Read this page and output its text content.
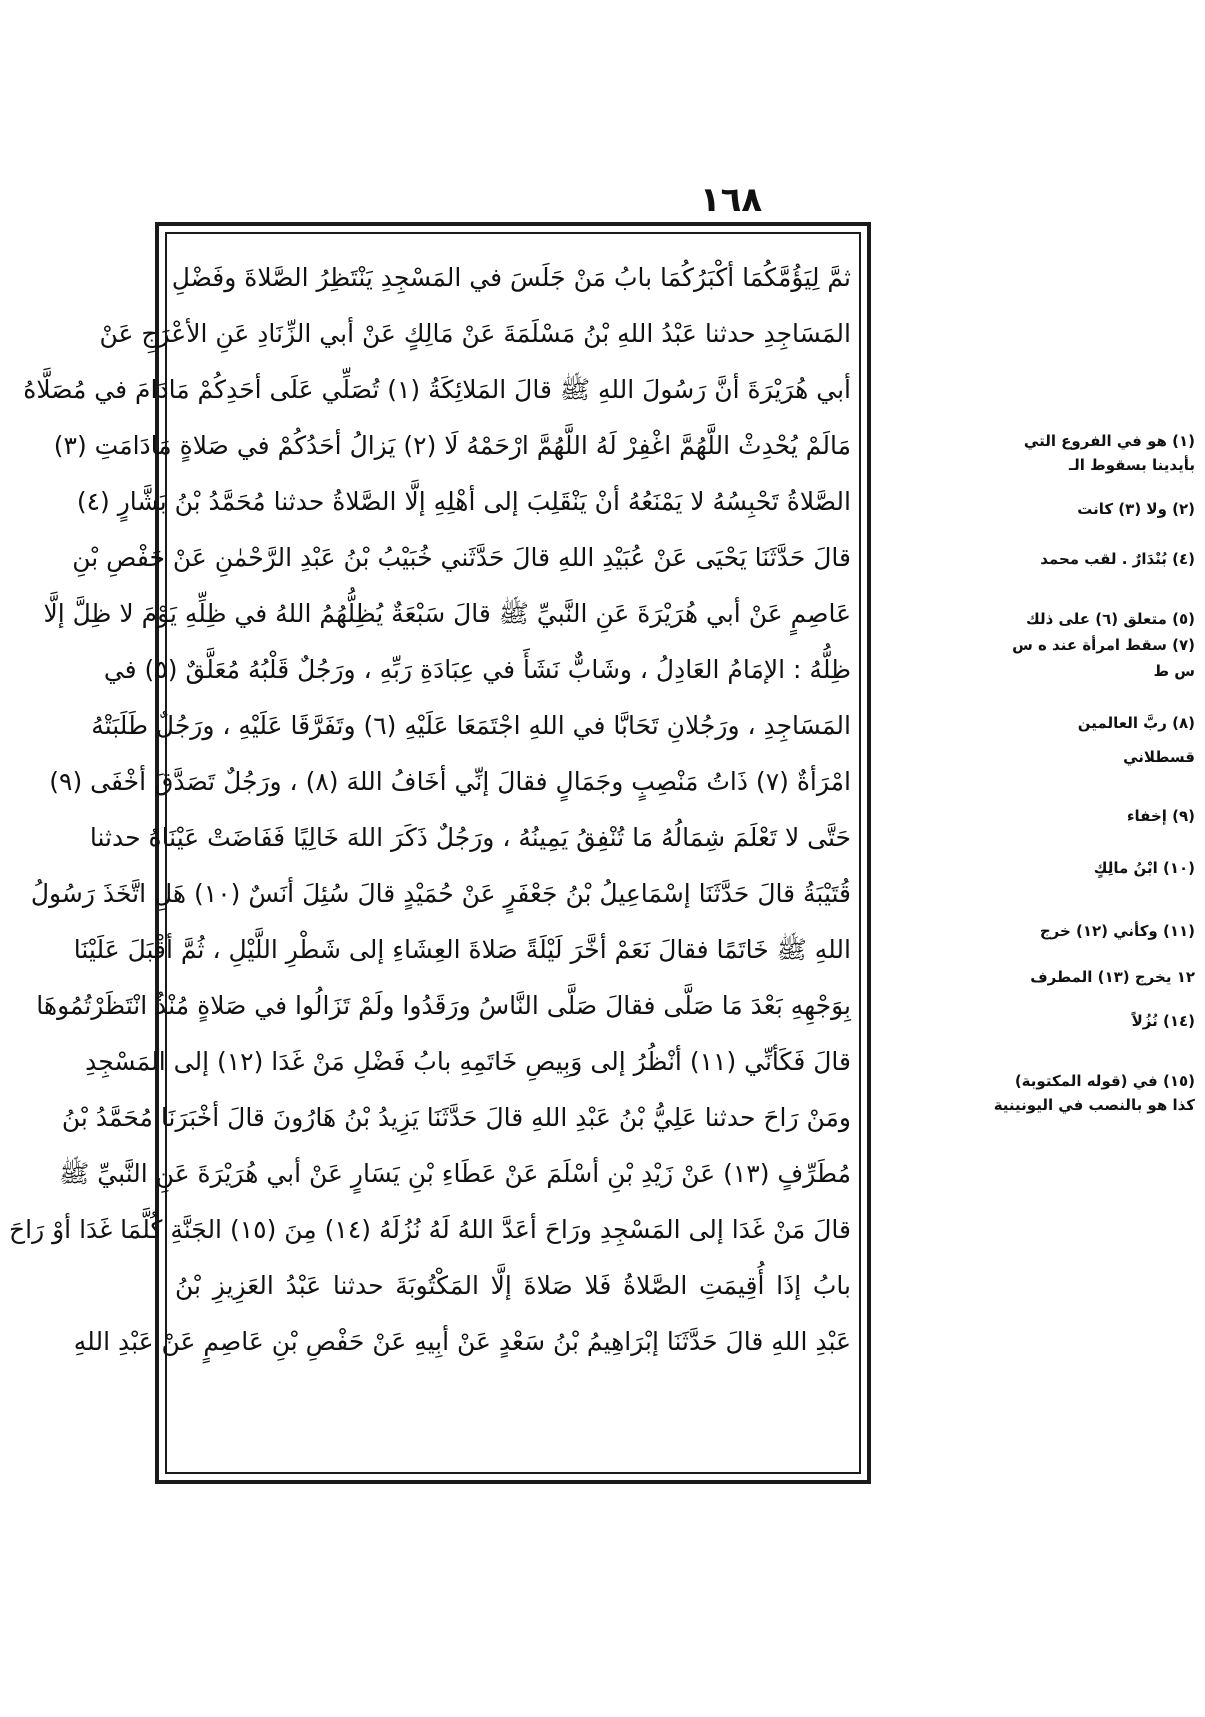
١٦٨
ثمَّ لِيَؤُمَّكُمَا أكْبَرُكُمَا بابُ مَنْ جَلَسَ في المَسْجِدِ يَنْتَظِرُ الصَّلاةَ وفَضْلِ
المَسَاجِدِ حدثنا عَبْدُ اللهِ بْنُ مَسْلَمَةَ عَنْ مَالِكٍ عَنْ أبي الزِّنَادِ عَنِ الأعْرَجِ عَنْ
أبي هُرَيْرَةَ أنَّ رَسُولَ اللهِ ﷺ قالَ المَلائِكَةُ (١) تُصَلِّي عَلَى أحَدِكُمْ مَادَامَ في مُصَلَّاهُ
مَالَمْ يُحْدِثْ اللَّهُمَّ اغْفِرْ لَهُ اللَّهُمَّ ارْحَمْهُ لَا (٢) يَزالُ أحَدُكُمْ في صَلاةٍ مَادَامَتِ (٣)
الصَّلاةُ تَحْبِسُهُ لا يَمْنَعُهُ أنْ يَنْقَلِبَ إلى أهْلِهِ إلَّا الصَّلاةُ حدثنا مُحَمَّدُ بْنُ بَشَّارٍ (٤)
قالَ حَدَّثَنَا يَحْيَى عَنْ عُبَيْدِ اللهِ قالَ حَدَّثَني خُبَيْبُ بْنُ عَبْدِ الرَّحْمٰنِ عَنْ حَفْصِ بْنِ
عَاصِمٍ عَنْ أبي هُرَيْرَةَ عَنِ النَّبيِّ ﷺ قالَ سَبْعَةٌ يُظِلُّهُمُ اللهُ في ظِلِّهِ يَوْمَ لا ظِلَّ إلَّا
ظِلُّهُ : الإمَامُ العَادِلُ ، وشَابٌّ نَشَأَ في عِبَادَةِ رَبِّهِ ، ورَجُلٌ قَلْبُهُ مُعَلَّقٌ (٥) في
المَسَاجِدِ ، ورَجُلانِ تَحَابَّا في اللهِ اجْتَمَعَا عَلَيْهِ (٦) وتَفَرَّقَا عَلَيْهِ ، ورَجُلٌ طَلَبَتْهُ
امْرَأةٌ (٧) ذَاتُ مَنْصِبٍ وجَمَالٍ فقالَ إنِّي أخَافُ اللهَ (٨) ، ورَجُلٌ تَصَدَّقَ أخْفَى (٩)
حَتَّى لا تَعْلَمَ شِمَالُهُ مَا تُنْفِقُ يَمِينُهُ ، ورَجُلٌ ذَكَرَ اللهَ خَالِيًا فَفَاضَتْ عَيْنَاهُ حدثنا
قُتَيْبَةُ قالَ حَدَّثَنَا إسْمَاعِيلُ بْنُ جَعْفَرٍ عَنْ حُمَيْدٍ قالَ سُئِلَ أنَسٌ (١٠) هَلِ اتَّخَذَ رَسُولُ
اللهِ ﷺ خَاتَمًا فقالَ نَعَمْ أخَّرَ لَيْلَةً صَلاةَ العِشَاءِ إلى شَطْرِ اللَّيْلِ ، ثُمَّ أقْبَلَ عَلَيْنَا
بِوَجْهِهِ بَعْدَ مَا صَلَّى فقالَ صَلَّى النَّاسُ ورَقَدُوا ولَمْ تَزَالُوا في صَلاةٍ مُنْذُ انْتَظَرْتُمُوهَا
قالَ فَكَأنِّي (١١) أنْظُرُ إلى وَبِيصِ خَاتَمِهِ بابُ فَضْلِ مَنْ غَدَا (١٢) إلى المَسْجِدِ
ومَنْ رَاحَ حدثنا عَلِيُّ بْنُ عَبْدِ اللهِ قالَ حَدَّثَنَا يَزِيدُ بْنُ هَارُونَ قالَ أخْبَرَنَا مُحَمَّدُ بْنُ
مُطَرِّفٍ (١٣) عَنْ زَيْدِ بْنِ أسْلَمَ عَنْ عَطَاءِ بْنِ يَسَارٍ عَنْ أبي هُرَيْرَةَ عَنِ النَّبيِّ ﷺ
قالَ مَنْ غَدَا إلى المَسْجِدِ ورَاحَ أعَدَّ اللهُ لَهُ نُزُلَهُ (١٤) مِنَ (١٥) الجَنَّةِ كُلَّمَا غَدَا أوْ رَاحَ
بابُ إذَا أُقِيمَتِ الصَّلاةُ فَلا صَلاةَ إلَّا المَكْتُوبَةَ حدثنا عَبْدُ العَزِيزِ بْنُ
عَبْدِ اللهِ قالَ حَدَّثَنَا إبْرَاهِيمُ بْنُ سَعْدٍ عَنْ أبِيهِ عَنْ حَفْصِ بْنِ عَاصِمٍ عَنْ عَبْدِ اللهِ
(١) هو في الفروع التي
بأيدينا بسقوط الـ
(٢) ولا (٣) كانت
(٤) بُنْدَارٌ . لقب محمد
(٥) متعلق (٦) على ذلك
(٧) سقط امرأة عند ه س
س ط
(٨) ربَّ العالمين
قسطلاني
(٩) إخفاء
(١٠) ابْنُ مالِكٍ
(١١) وكأني (١٢) خرج
١٢ يخرج (١٣) المطرف
(١٤) نُزُلاً
(١٥) في (قوله المكتوبة)
كذا هو بالنصب في اليونينية
